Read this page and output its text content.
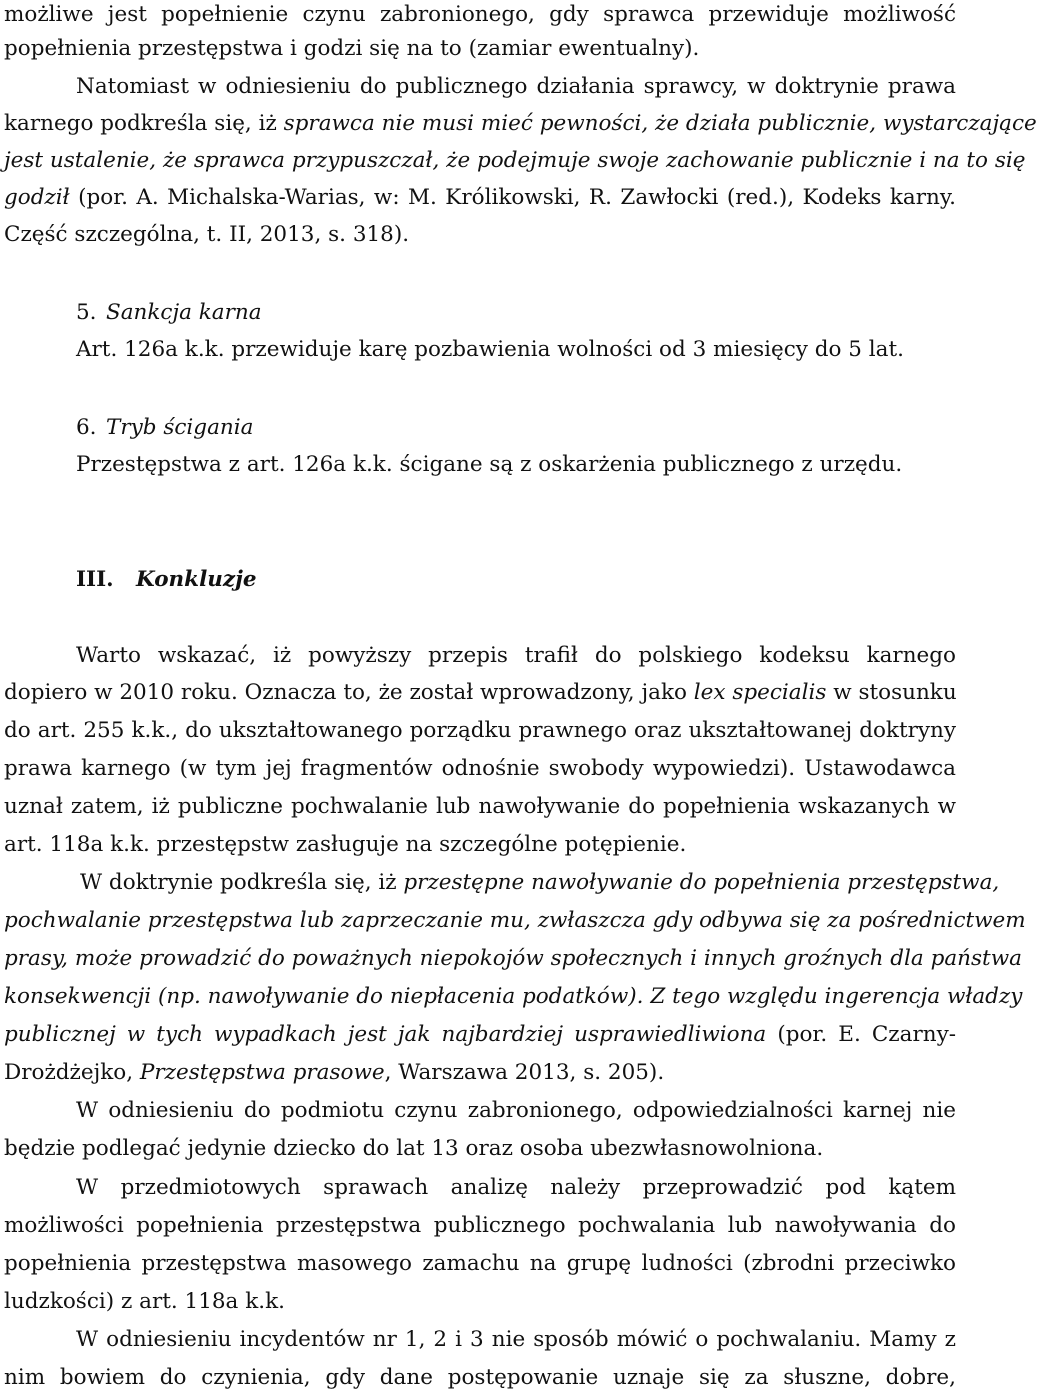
możliwe jest popełnienie czynu zabronionego, gdy sprawca przewiduje możliwość
popełnienia przestępstwa i godzi się na to (zamiar ewentualny).
Natomiast w odniesieniu do publicznego działania sprawcy, w doktrynie prawa
karnego podkreśla się, iż sprawca nie musi mieć pewności, że działa publicznie, wystarczające
jest ustalenie, że sprawca przypuszczał, że podejmuje swoje zachowanie publicznie i na to się
godził (por. A. Michalska-Warias, w: M. Królikowski, R. Zawłocki (red.), Kodeks karny.
Część szczególna, t. II, 2013, s. 318).
5. Sankcja karna
Art. 126a k.k. przewiduje karę pozbawienia wolności od 3 miesięcy do 5 lat.
6. Tryb ścigania
Przestępstwa z art. 126a k.k. ścigane są z oskarżenia publicznego z urzędu.
III. Konkluzje
Warto wskazać, iż powyższy przepis trafił do polskiego kodeksu karnego
dopiero w 2010 roku. Oznacza to, że został wprowadzony, jako lex specialis w stosunku
do art. 255 k.k., do ukształtowanego porządku prawnego oraz ukształtowanej doktryny
prawa karnego (w tym jej fragmentów odnośnie swobody wypowiedzi). Ustawodawca
uznał zatem, iż publiczne pochwalanie lub nawoływanie do popełnienia wskazanych w
art. 118a k.k. przestępstw zasługuje na szczególne potępienie.
W doktrynie podkreśla się, iż przestępne nawoływanie do popełnienia przestępstwa,
pochwalanie przestępstwa lub zaprzeczanie mu, zwłaszcza gdy odbywa się za pośrednictwem
prasy, może prowadzić do poważnych niepokojów społecznych i innych groźnych dla państwa
konsekwencji (np. nawoływanie do niepłacenia podatków). Z tego względu ingerencja władzy
publicznej w tych wypadkach jest jak najbardziej usprawiedliwiona (por. E. Czarny-
Drożdżejko, Przestępstwa prasowe, Warszawa 2013, s. 205).
W odniesieniu do podmiotu czynu zabronionego, odpowiedzialności karnej nie
będzie podlegać jedynie dziecko do lat 13 oraz osoba ubezwłasnowolniona.
W przedmiotowych sprawach analizę należy przeprowadzić pod kątem
możliwości popełnienia przestępstwa publicznego pochwalania lub nawoływania do
popełnienia przestępstwa masowego zamachu na grupę ludności (zbrodni przeciwko
ludzkości) z art. 118a k.k.
W odniesieniu incydentów nr 1, 2 i 3 nie sposób mówić o pochwalaniu. Mamy z
nim bowiem do czynienia, gdy dane postępowanie uznaje się za słuszne, dobre,
